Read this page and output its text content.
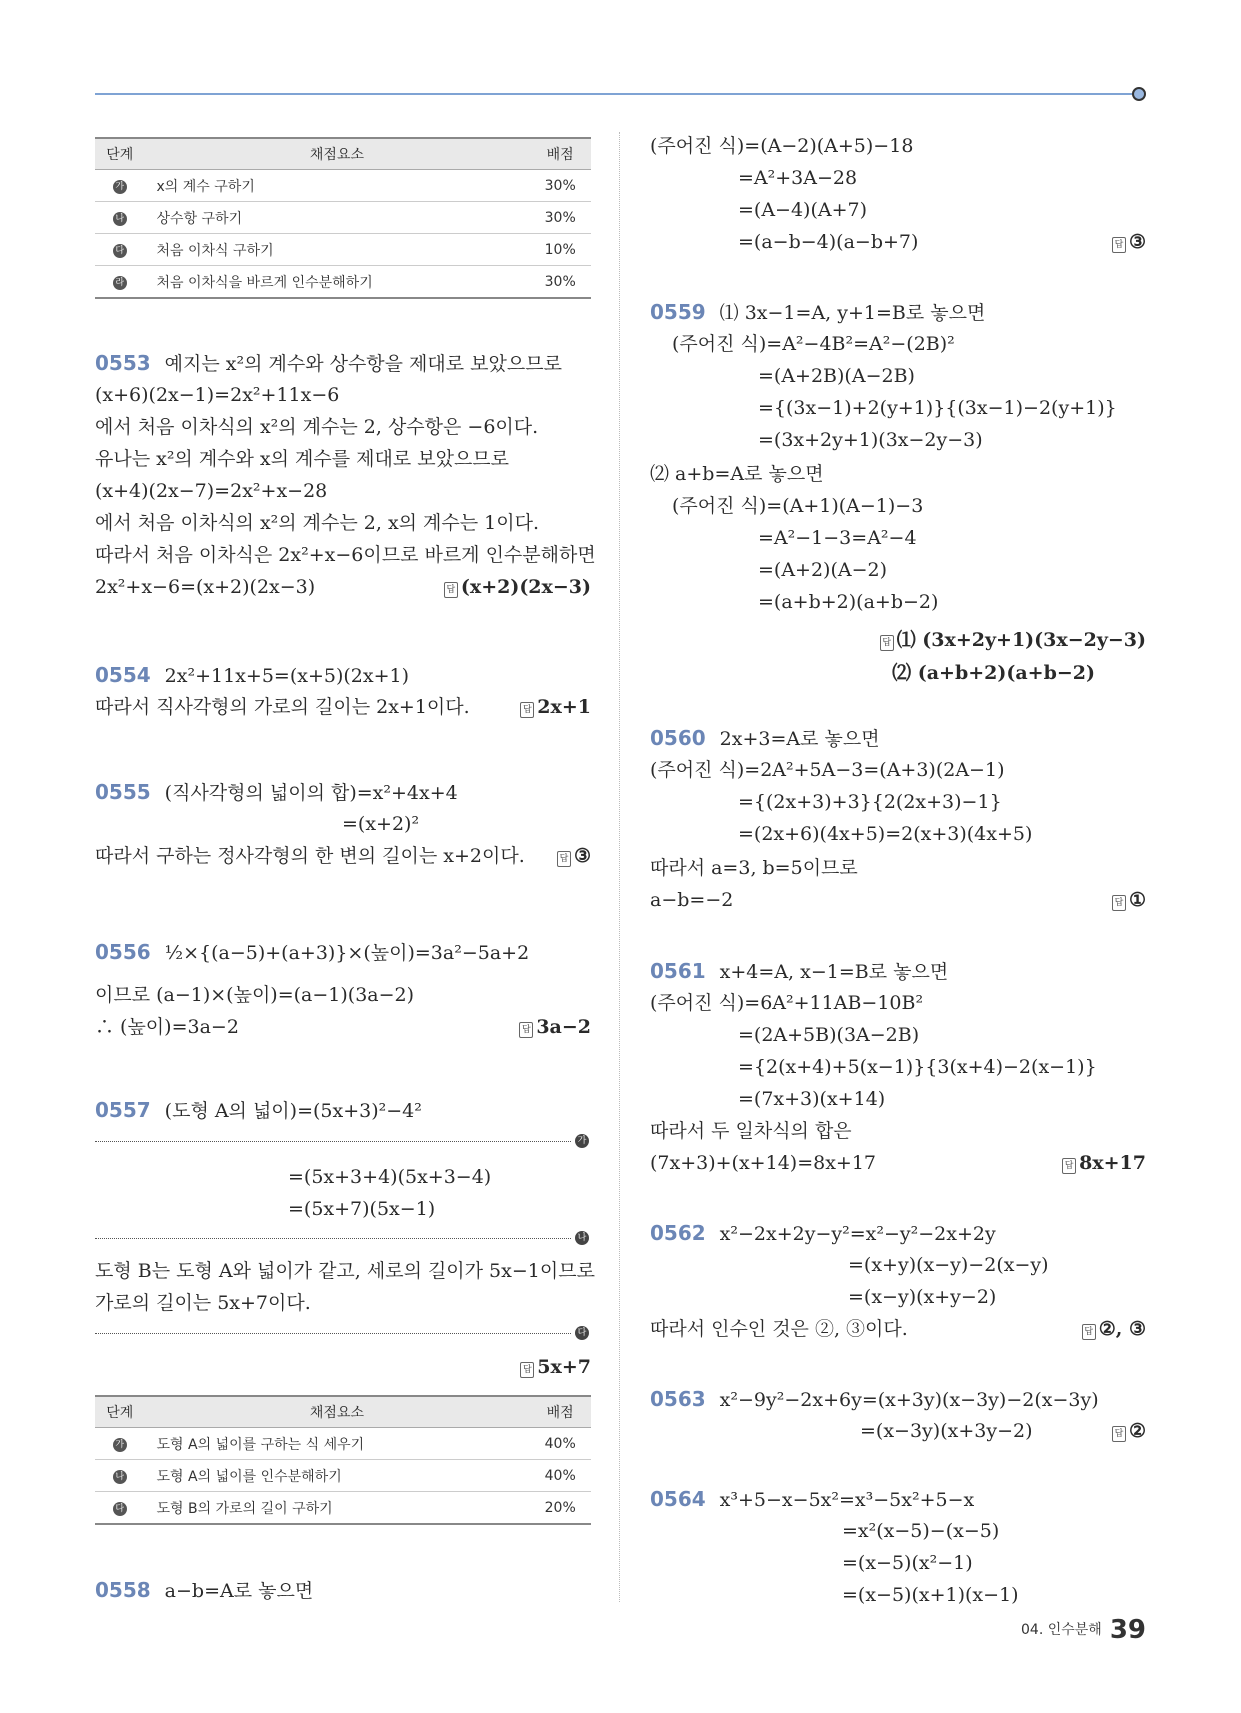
단계	채점요소	배점
가	x의 계수 구하기	30%
나	상수항 구하기	30%
다	처음 이차식 구하기	10%
라	처음 이차식을 바르게 인수분해하기	30%
0553 예지는 x²의 계수와 상수항을 제대로 보았으므로
(x+6)(2x−1)=2x²+11x−6
에서 처음 이차식의 x²의 계수는 2, 상수항은 −6이다.
유나는 x²의 계수와 x의 계수를 제대로 보았으므로
(x+4)(2x−7)=2x²+x−28
에서 처음 이차식의 x²의 계수는 2, x의 계수는 1이다.
따라서 처음 이차식은 2x²+x−6이므로 바르게 인수분해하면
2x²+x−6=(x+2)(2x−3)	답 (x+2)(2x−3)
0554 2x²+11x+5=(x+5)(2x+1)
따라서 직사각형의 가로의 길이는 2x+1이다.	답 2x+1
0555 (직사각형의 넓이의 합)=x²+4x+4
=(x+2)²
따라서 구하는 정사각형의 한 변의 길이는 x+2이다.	답 ③
0556 ½×{(a−5)+(a+3)}×(높이)=3a²−5a+2
이므로 (a−1)×(높이)=(a−1)(3a−2)
∴ (높이)=3a−2	답 3a−2
0557 (도형 A의 넓이)=(5x+3)²−4²
가
=(5x+3+4)(5x+3−4)
=(5x+7)(5x−1)
나
도형 B는 도형 A와 넓이가 같고, 세로의 길이가 5x−1이므로
가로의 길이는 5x+7이다.
다
답 5x+7
단계	채점요소	배점
가	도형 A의 넓이를 구하는 식 세우기	40%
나	도형 A의 넓이를 인수분해하기	40%
다	도형 B의 가로의 길이 구하기	20%
0558 a−b=A로 놓으면
(주어진 식)=(A−2)(A+5)−18
=A²+3A−28
=(A−4)(A+7)
=(a−b−4)(a−b+7)	답 ③
0559 ⑴ 3x−1=A, y+1=B로 놓으면
(주어진 식)=A²−4B²=A²−(2B)²
=(A+2B)(A−2B)
={(3x−1)+2(y+1)}{(3x−1)−2(y+1)}
=(3x+2y+1)(3x−2y−3)
⑵ a+b=A로 놓으면
(주어진 식)=(A+1)(A−1)−3
=A²−1−3=A²−4
=(A+2)(A−2)
=(a+b+2)(a+b−2)
답 ⑴ (3x+2y+1)(3x−2y−3)
⑵ (a+b+2)(a+b−2)
0560 2x+3=A로 놓으면
(주어진 식)=2A²+5A−3=(A+3)(2A−1)
={(2x+3)+3}{2(2x+3)−1}
=(2x+6)(4x+5)=2(x+3)(4x+5)
따라서 a=3, b=5이므로
a−b=−2	답 ①
0561 x+4=A, x−1=B로 놓으면
(주어진 식)=6A²+11AB−10B²
=(2A+5B)(3A−2B)
={2(x+4)+5(x−1)}{3(x+4)−2(x−1)}
=(7x+3)(x+14)
따라서 두 일차식의 합은
(7x+3)+(x+14)=8x+17	답 8x+17
0562 x²−2x+2y−y²=x²−y²−2x+2y
=(x+y)(x−y)−2(x−y)
=(x−y)(x+y−2)
따라서 인수인 것은 ②, ③이다.	답 ②, ③
0563 x²−9y²−2x+6y=(x+3y)(x−3y)−2(x−3y)
=(x−3y)(x+3y−2)	답 ②
0564 x³+5−x−5x²=x³−5x²+5−x
=x²(x−5)−(x−5)
=(x−5)(x²−1)
=(x−5)(x+1)(x−1)
04. 인수분해 39
